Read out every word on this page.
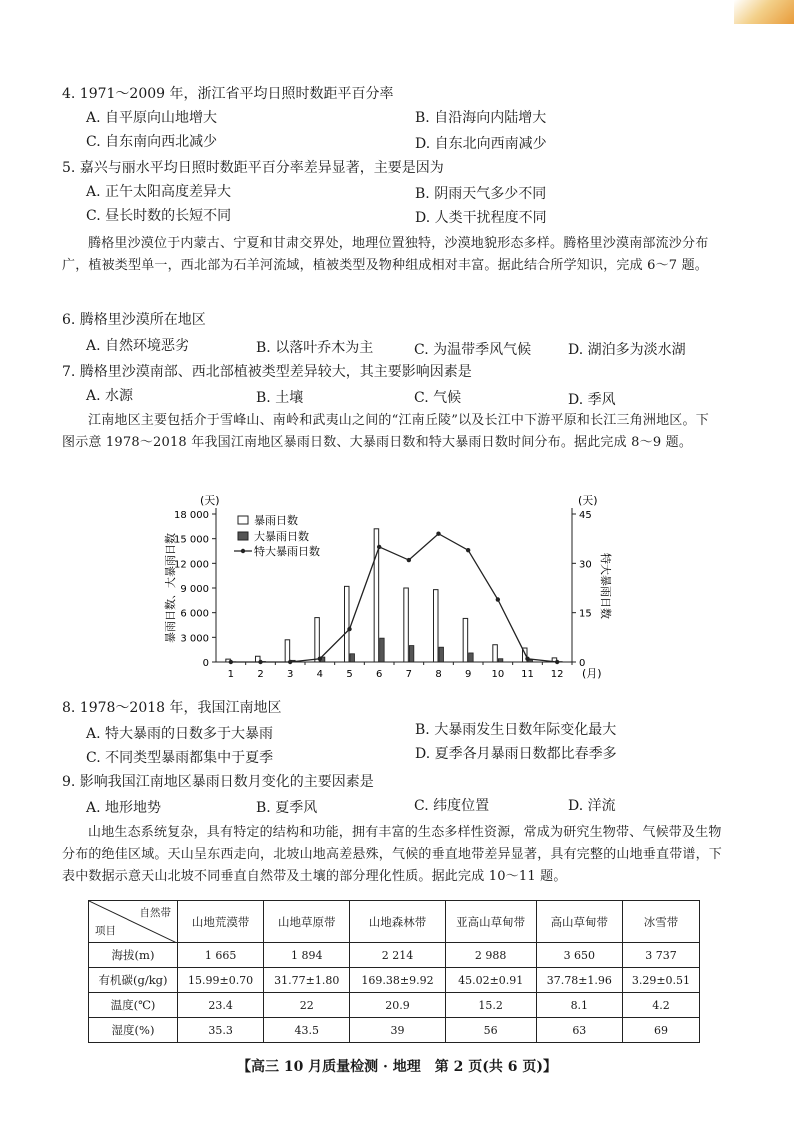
4. 1971～2009 年，浙江省平均日照时数距平百分率
A. 自平原向山地增大	B. 自沿海向内陆增大
C. 自东南向西北减少	D. 自东北向西南减少
5. 嘉兴与丽水平均日照时数距平百分率差异显著，主要是因为
A. 正午太阳高度差异大	B. 阴雨天气多少不同
C. 昼长时数的长短不同	D. 人类干扰程度不同
腾格里沙漠位于内蒙古、宁夏和甘肃交界处，地理位置独特，沙漠地貌形态多样。腾格里沙漠南部流沙分布广，植被类型单一，西北部为石羊河流域，植被类型及物种组成相对丰富。据此结合所学知识，完成 6～7 题。
6. 腾格里沙漠所在地区
A. 自然环境恶劣	B. 以落叶乔木为主	C. 为温带季风气候	D. 湖泊多为淡水湖
7. 腾格里沙漠南部、西北部植被类型差异较大，其主要影响因素是
A. 水源	B. 土壤	C. 气候	D. 季风
江南地区主要包括介于雪峰山、南岭和武夷山之间的“江南丘陵”以及长江中下游平原和长江三角洲地区。下图示意 1978～2018 年我国江南地区暴雨日数、大暴雨日数和特大暴雨日数时间分布。据此完成 8～9 题。
(天)	(天)
暴雨日数、大暴雨日数	特大暴雨日数
(月)
暴雨日数
大暴雨日数
特大暴雨日数
0
3 000
6 000
9 000
12 000
15 000
18 000
0
15
30
45
1 2 3 4 5 6 7 8 9 10 11 12
8. 1978～2018 年，我国江南地区
A. 特大暴雨的日数多于大暴雨	B. 大暴雨发生日数年际变化最大
C. 不同类型暴雨都集中于夏季	D. 夏季各月暴雨日数都比春季多
9. 影响我国江南地区暴雨日数月变化的主要因素是
A. 地形地势	B. 夏季风	C. 纬度位置	D. 洋流
山地生态系统复杂，具有特定的结构和功能，拥有丰富的生态多样性资源，常成为研究生物带、气候带及生物分布的绝佳区域。天山呈东西走向，北坡山地高差悬殊，气候的垂直地带差异显著，具有完整的山地垂直带谱，下表中数据示意天山北坡不同垂直自然带及土壤的部分理化性质。据此完成 10～11 题。
自然带
项目	山地荒漠带	山地草原带	山地森林带	亚高山草甸带	高山草甸带	冰雪带
海拔(m)	1 665	1 894	2 214	2 988	3 650	3 737
有机碳(g/kg)	15.99±0.70	31.77±1.80	169.38±9.92	45.02±0.91	37.78±1.96	3.29±0.51
温度(℃)	23.4	22	20.9	15.2	8.1	4.2
湿度(%)	35.3	43.5	39	56	63	69
【高三 10 月质量检测 · 地理　第 2 页(共 6 页)】
